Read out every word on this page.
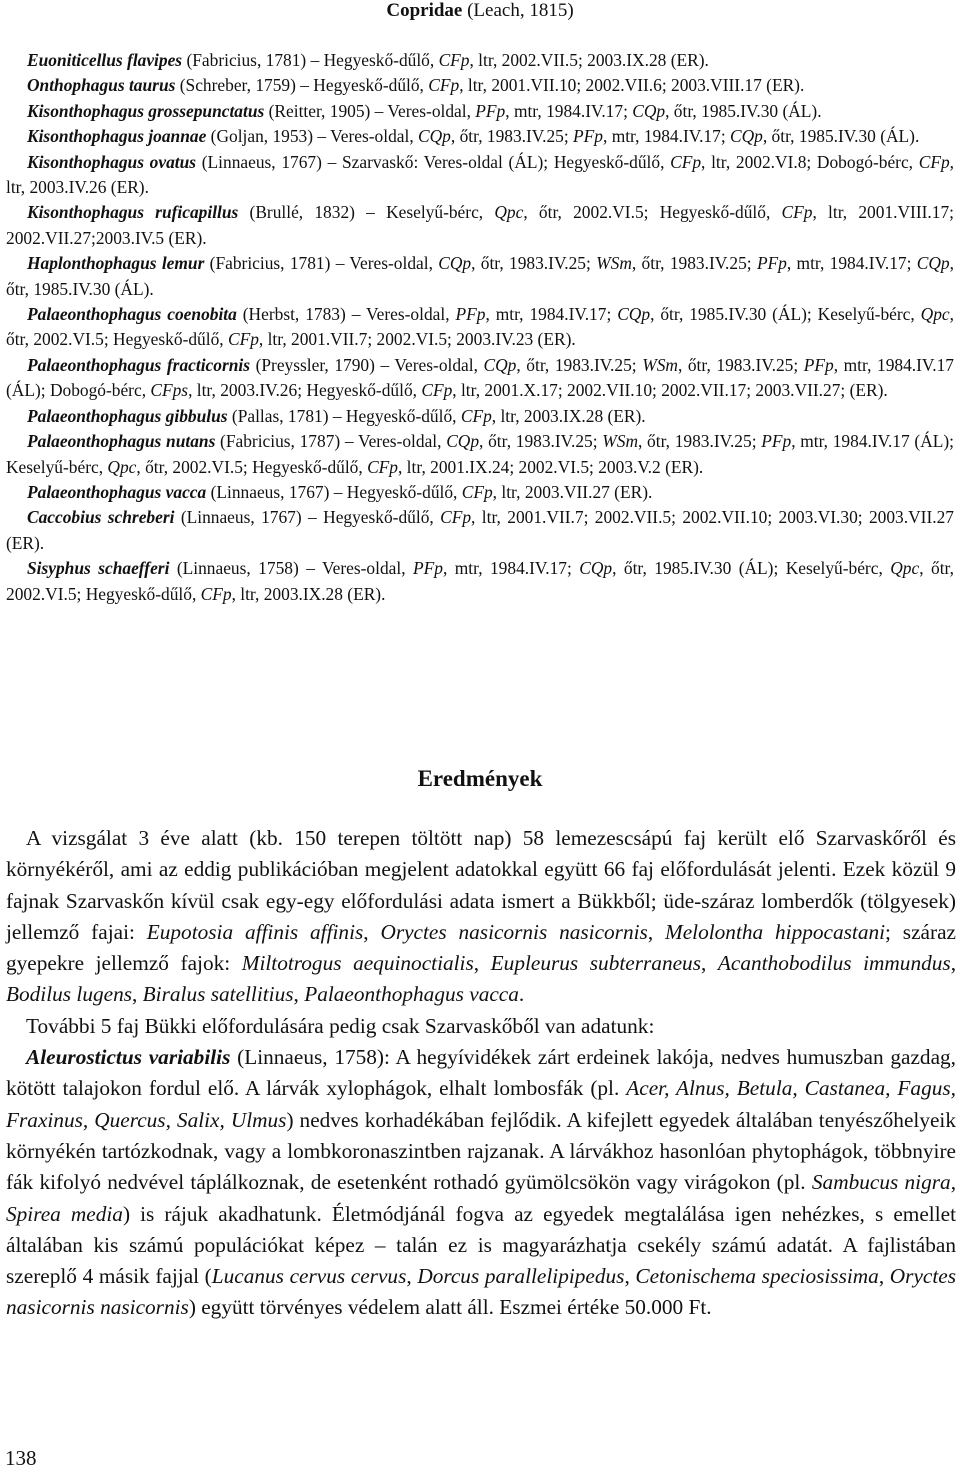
Copridae (Leach, 1815)

Euoniticellus flavipes (Fabricius, 1781) – Hegyeskő-dűlő, CFp, ltr, 2002.VII.5; 2003.IX.28 (ER).

Onthophagus taurus (Schreber, 1759) – Hegyeskő-dűlő, CFp, ltr, 2001.VII.10; 2002.VII.6; 2003.VIII.17 (ER).

Kisonthophagus grossepunctatus (Reitter, 1905) – Veres-oldal, PFp, mtr, 1984.IV.17; CQp, őtr, 1985.IV.30 (ÁL).

Kisonthophagus joannae (Goljan, 1953) – Veres-oldal, CQp, őtr, 1983.IV.25; PFp, mtr, 1984.IV.17; CQp, őtr, 1985.IV.30 (ÁL).

Kisonthophagus ovatus (Linnaeus, 1767) – Szarvaskő: Veres-oldal (ÁL); Hegyeskő-dűlő, CFp, ltr, 2002.VI.8; Dobogó-bérc, CFp, ltr, 2003.IV.26 (ER).

Kisonthophagus ruficapillus (Brullé, 1832) – Keselyű-bérc, Qpc, őtr, 2002.VI.5; Hegyeskő-dűlő, CFp, ltr, 2001.VIII.17; 2002.VII.27;2003.IV.5 (ER).

Haplonthophagus lemur (Fabricius, 1781) – Veres-oldal, CQp, őtr, 1983.IV.25; WSm, őtr, 1983.IV.25; PFp, mtr, 1984.IV.17; CQp, őtr, 1985.IV.30 (ÁL).

Palaeonthophagus coenobita (Herbst, 1783) – Veres-oldal, PFp, mtr, 1984.IV.17; CQp, őtr, 1985.IV.30 (ÁL); Keselyű-bérc, Qpc, őtr, 2002.VI.5; Hegyeskő-dűlő, CFp, ltr, 2001.VII.7; 2002.VI.5; 2003.IV.23 (ER).

Palaeonthophagus fracticornis (Preyssler, 1790) – Veres-oldal, CQp, őtr, 1983.IV.25; WSm, őtr, 1983.IV.25; PFp, mtr, 1984.IV.17 (ÁL); Dobogó-bérc, CFps, ltr, 2003.IV.26; Hegyeskő-dűlő, CFp, ltr, 2001.X.17; 2002.VII.10; 2002.VII.17; 2003.VII.27; (ER).

Palaeonthophagus gibbulus (Pallas, 1781) – Hegyeskő-dűlő, CFp, ltr, 2003.IX.28 (ER).

Palaeonthophagus nutans (Fabricius, 1787) – Veres-oldal, CQp, őtr, 1983.IV.25; WSm, őtr, 1983.IV.25; PFp, mtr, 1984.IV.17 (ÁL); Keselyű-bérc, Qpc, őtr, 2002.VI.5; Hegyeskő-dűlő, CFp, ltr, 2001.IX.24; 2002.VI.5; 2003.V.2 (ER).

Palaeonthophagus vacca (Linnaeus, 1767) – Hegyeskő-dűlő, CFp, ltr, 2003.VII.27 (ER).

Caccobius schreberi (Linnaeus, 1767) – Hegyeskő-dűlő, CFp, ltr, 2001.VII.7; 2002.VII.5; 2002.VII.10; 2003.VI.30; 2003.VII.27 (ER).

Sisyphus schaefferi (Linnaeus, 1758) – Veres-oldal, PFp, mtr, 1984.IV.17; CQp, őtr, 1985.IV.30 (ÁL); Keselyű-bérc, Qpc, őtr, 2002.VI.5; Hegyeskő-dűlő, CFp, ltr, 2003.IX.28 (ER).

Eredmények

A vizsgálat 3 éve alatt (kb. 150 terepen töltött nap) 58 lemezescsápú faj került elő Szarvaskőről és környékéről, ami az eddig publikációban megjelent adatokkal együtt 66 faj előfordulását jelenti. Ezek közül 9 fajnak Szarvaskőn kívül csak egy-egy előfordulási adata ismert a Bükkből; üde-száraz lomberdők (tölgyesek) jellemző fajai: Eupotosia affinis affinis, Oryctes nasicornis nasicornis, Melolontha hippocastani; száraz gyepekre jellemző fajok: Miltotrogus aequinoctialis, Eupleurus subterraneus, Acanthobodilus immundus, Bodilus lugens, Biralus satellitius, Palaeonthophagus vacca.

További 5 faj Bükki előfordulására pedig csak Szarvaskőből van adatunk:

Aleurostictus variabilis (Linnaeus, 1758): A hegyívidékek zárt erdeinek lakója, nedves humuszban gazdag, kötött talajokon fordul elő. A lárvák xylophágok, elhalt lombosfák (pl. Acer, Alnus, Betula, Castanea, Fagus, Fraxinus, Quercus, Salix, Ulmus) nedves korhadékában fejlődik. A kifejlett egyedek általában tenyészőhelyeik környékén tartózkodnak, vagy a lombkoronaszintben rajzanak. A lárvákhoz hasonlóan phytophágok, többnyire fák kifolyó nedvével táplálkoznak, de esetenként rothadó gyümölcsökön vagy virágokon (pl. Sambucus nigra, Spirea media) is rájuk akadhatunk. Életmódjánál fogva az egyedek megtalálása igen nehézkes, s emellet általában kis számú populációkat képez – talán ez is magyarázhatja csekély számú adatát. A fajlistában szereplő 4 másik fajjal (Lucanus cervus cervus, Dorcus parallelipipedus, Cetonischema speciosissima, Oryctes nasicornis nasicornis) együtt törvényes védelem alatt áll. Eszmei értéke 50.000 Ft.

138
